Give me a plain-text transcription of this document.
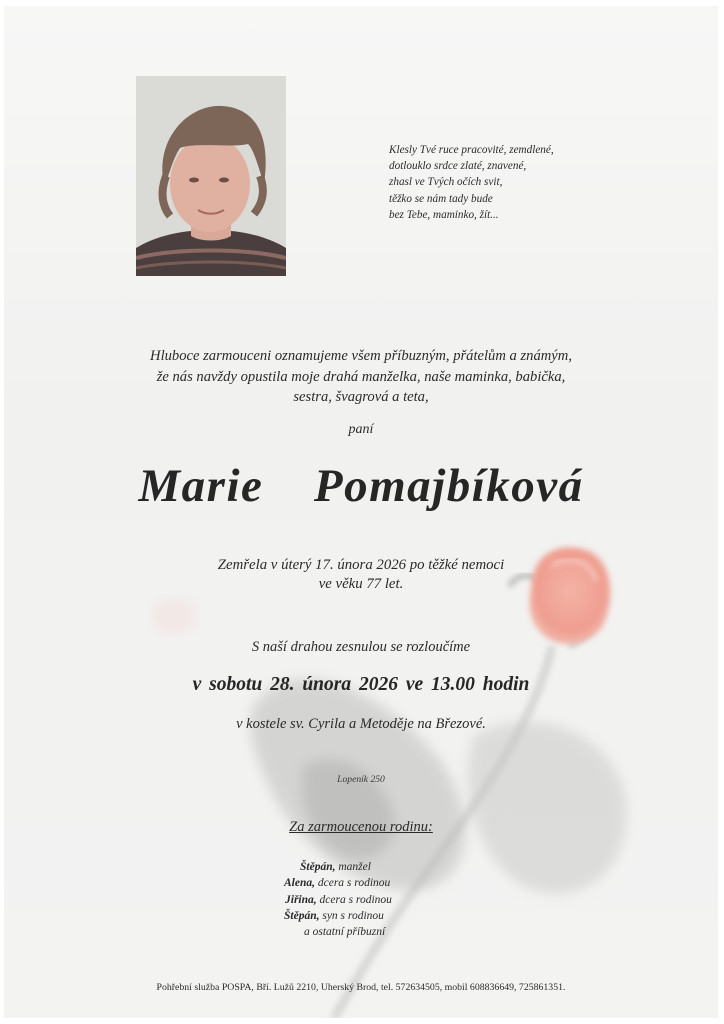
Klesly Tvé ruce pracovité, zemdlené,
dotlouklo srdce zlaté, znavené,
zhasl ve Tvých očích svit,
těžko se nám tady bude
bez Tebe, maminko, žít...
Hluboce zarmouceni oznamujeme všem příbuzným, přátelům a známým,
že nás navždy opustila moje drahá manželka, naše maminka, babička,
sestra, švagrová a teta,
paní
Marie  Pomajbíková
Zemřela v úterý 17. února 2026 po těžké nemoci
ve věku 77 let.
S naší drahou zesnulou se rozloučíme
v sobotu 28. února 2026 ve 13.00 hodin
v kostele sv. Cyrila a Metoděje na Březové.
Lopeník 250
Za zarmoucenou rodinu:
Štěpán, manžel
Alena, dcera s rodinou
Jiřina, dcera s rodinou
Štěpán, syn s rodinou
a ostatní příbuzní
Pohřební služba POSPA, Bří. Lužů 2210, Uherský Brod, tel. 572634505, mobil 608836649, 725861351.
